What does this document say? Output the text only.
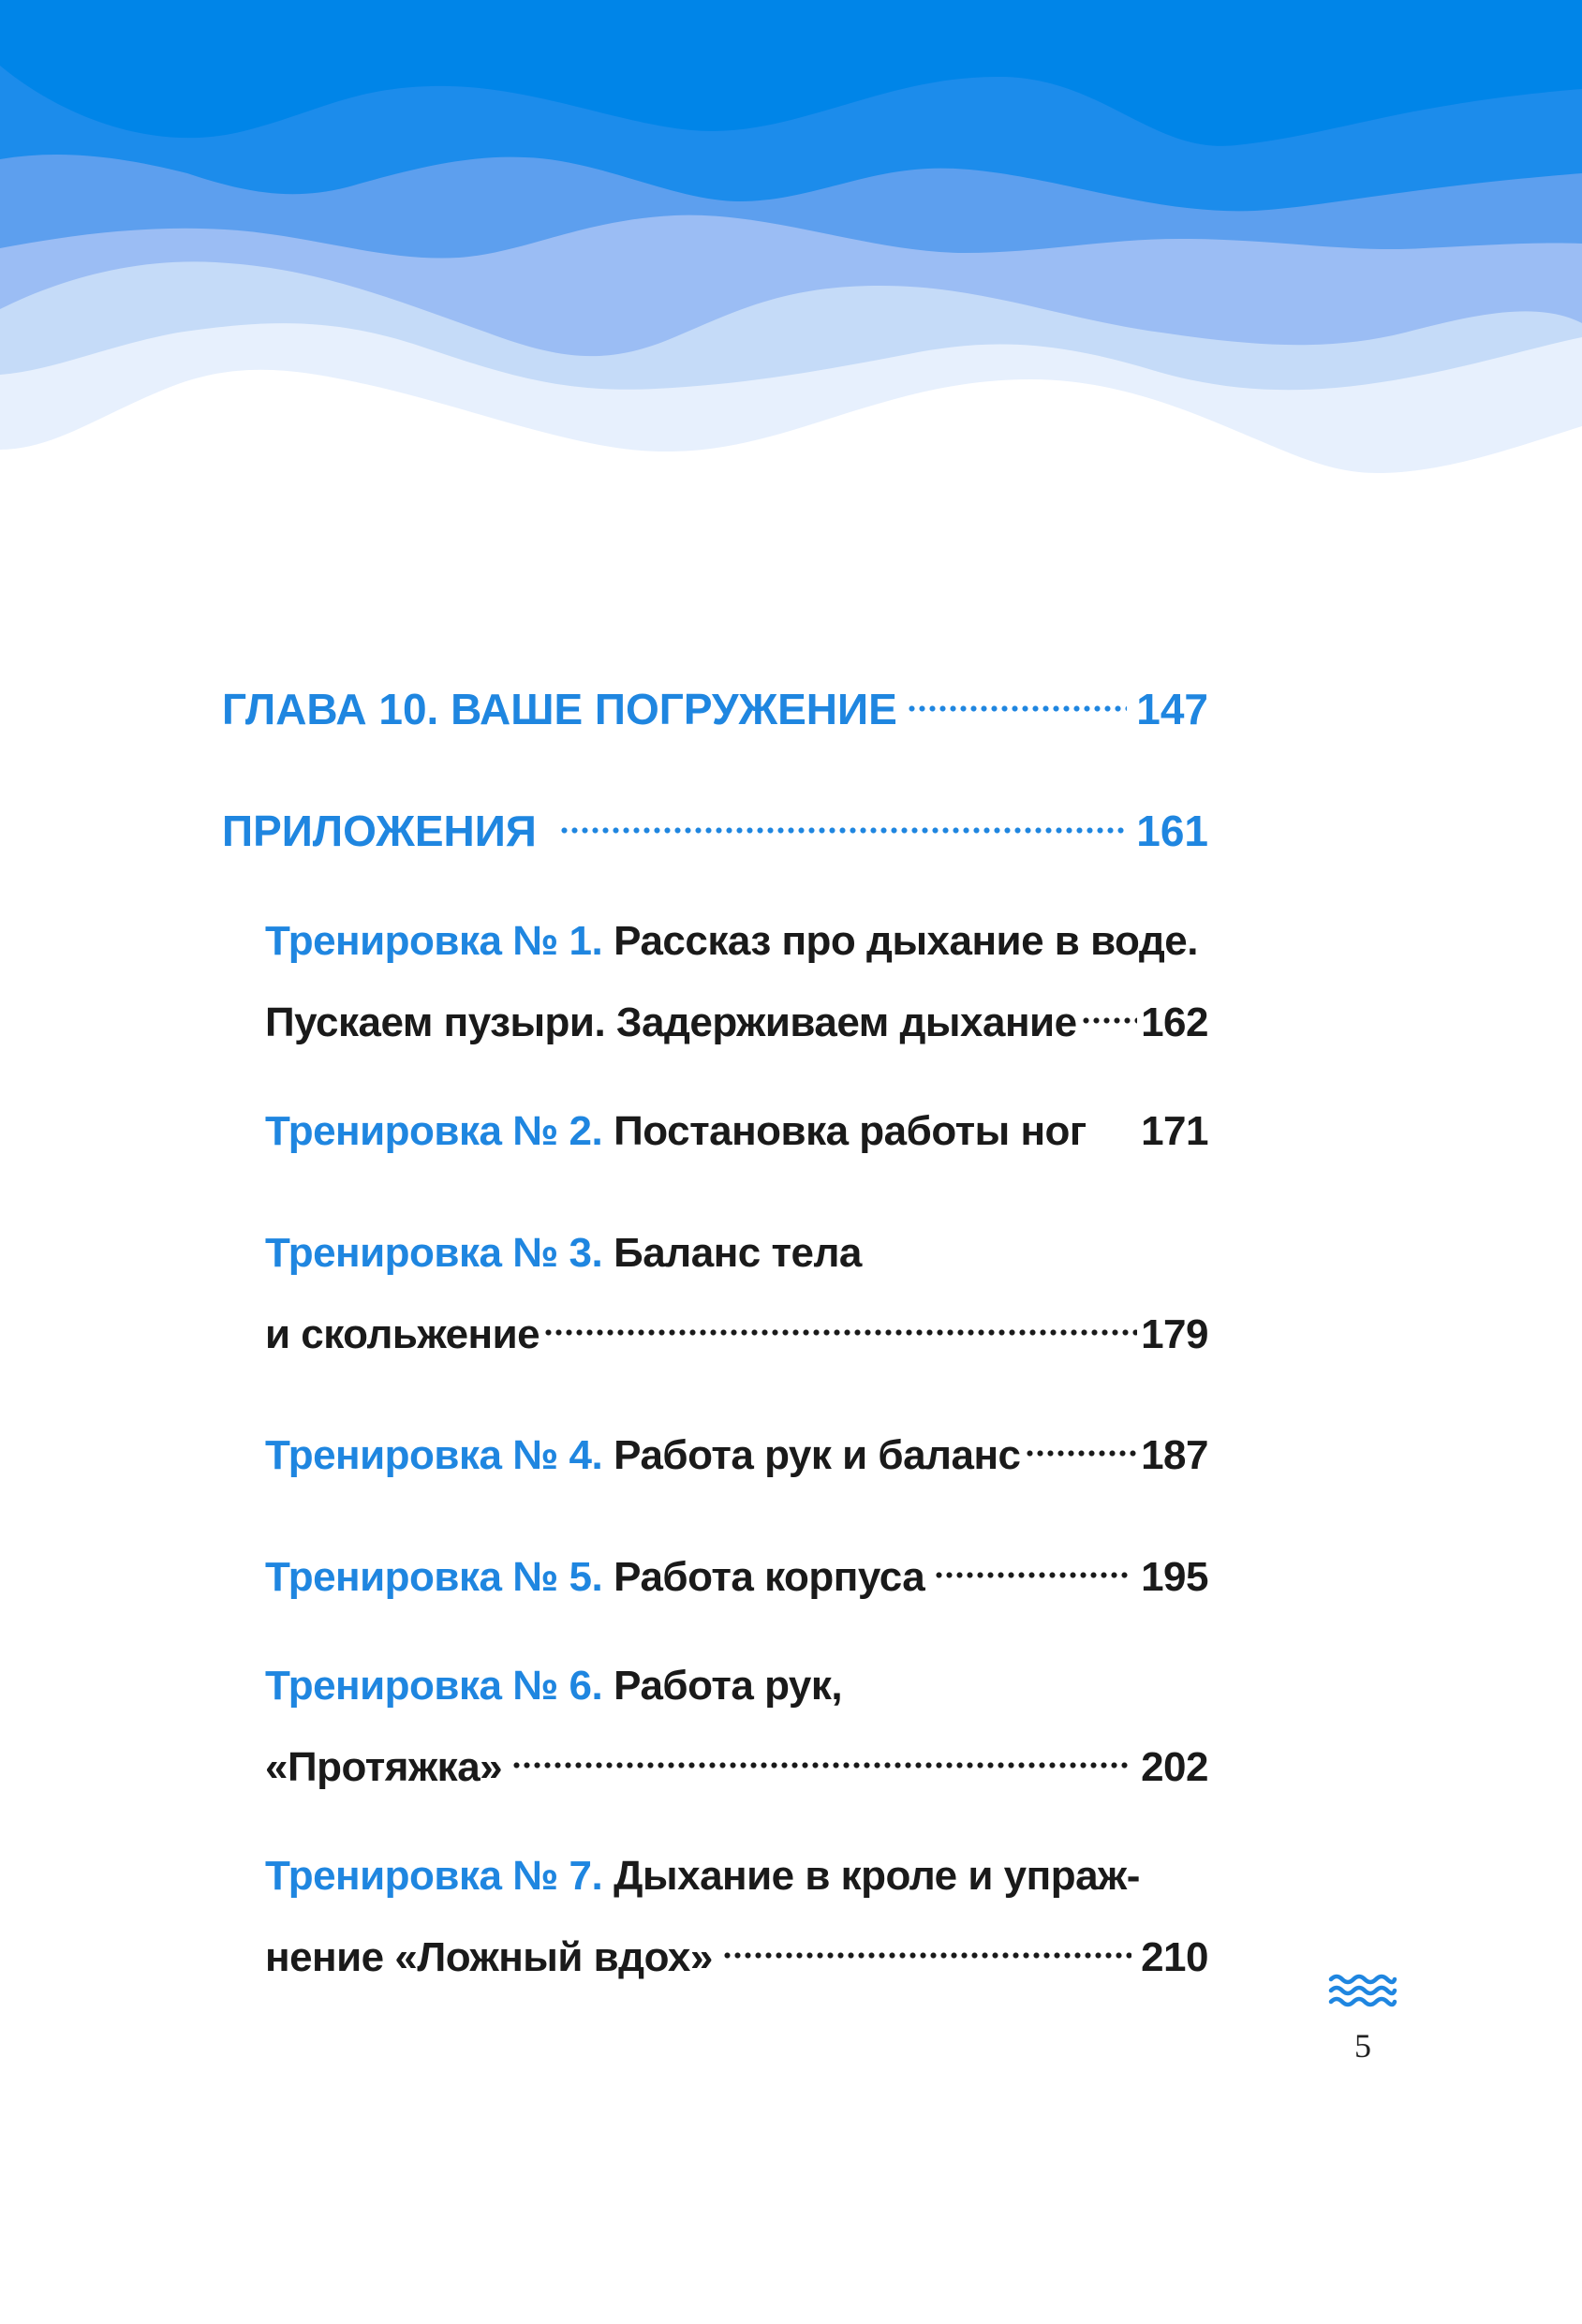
ГЛАВА 10. ВАШЕ ПОГРУЖЕНИЕ	147
ПРИЛОЖЕНИЯ	161
Тренировка № 1. Рассказ про дыхание в воде.
Пускаем пузыри. Задерживаем дыхание 162
Тренировка № 2. Постановка работы ног 171
Тренировка № 3. Баланс тела
и скольжение	179
Тренировка № 4. Работа рук и баланс	187
Тренировка № 5. Работа корпуса	195
Тренировка № 6. Работа рук,
«Протяжка»	202
Тренировка № 7. Дыхание в кроле и упраж-
нение «Ложный вдох»	210
5
